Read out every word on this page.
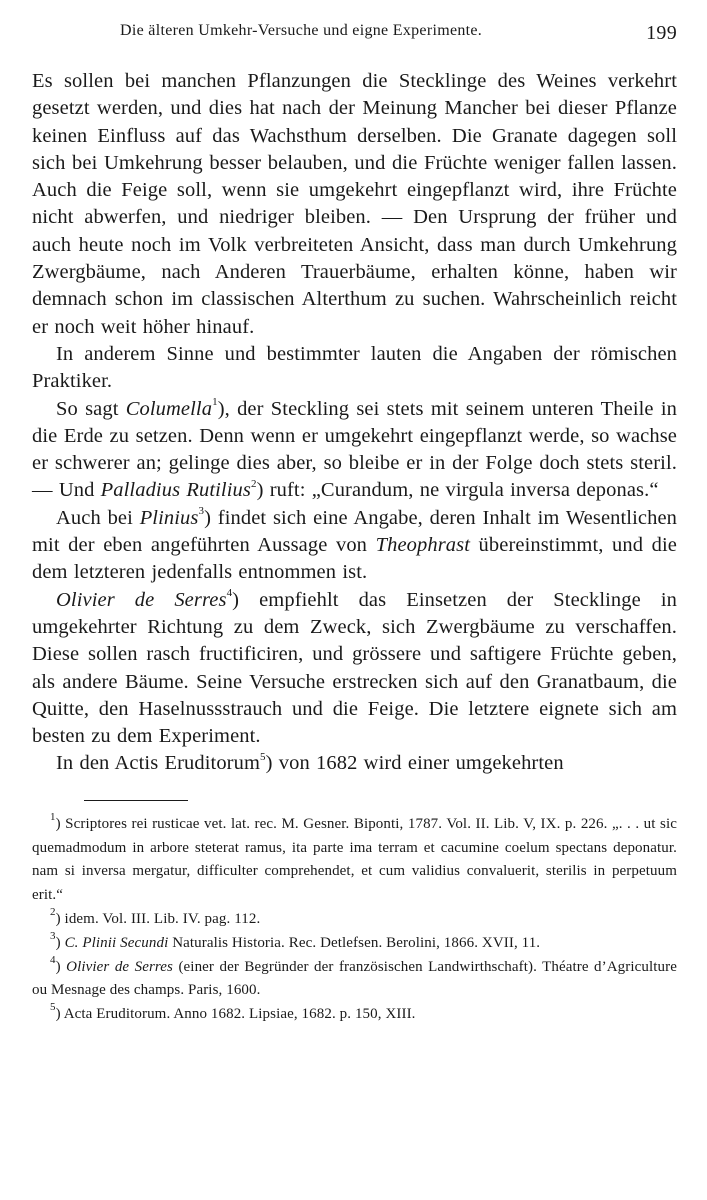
Die älteren Umkehr-Versuche und eigne Experimente.	199

Es sollen bei manchen Pflanzungen die Stecklinge des Weines verkehrt gesetzt werden, und dies hat nach der Meinung Mancher bei dieser Pflanze keinen Einfluss auf das Wachsthum derselben. Die Granate dagegen soll sich bei Umkehrung besser belauben, und die Früchte weniger fallen lassen. Auch die Feige soll, wenn sie umgekehrt eingepflanzt wird, ihre Früchte nicht abwerfen, und niedriger bleiben. — Den Ursprung der früher und auch heute noch im Volk verbreiteten Ansicht, dass man durch Umkehrung Zwergbäume, nach Anderen Trauerbäume, erhalten könne, haben wir demnach schon im classischen Alterthum zu suchen. Wahrscheinlich reicht er noch weit höher hinauf.

In anderem Sinne und bestimmter lauten die Angaben der römischen Praktiker.

So sagt Columella$^1$), der Steckling sei stets mit seinem unteren Theile in die Erde zu setzen. Denn wenn er umgekehrt eingepflanzt werde, so wachse er schwerer an; gelinge dies aber, so bleibe er in der Folge doch stets steril. — Und Palladius Rutilius$^2$) ruft: „Curandum, ne virgula inversa deponas.“

Auch bei Plinius$^3$) findet sich eine Angabe, deren Inhalt im Wesentlichen mit der eben angeführten Aussage von Theophrast übereinstimmt, und die dem letzteren jedenfalls entnommen ist.

Olivier de Serres$^4$) empfiehlt das Einsetzen der Stecklinge in umgekehrter Richtung zu dem Zweck, sich Zwergbäume zu verschaffen. Diese sollen rasch fructificiren, und grössere und saftigere Früchte geben, als andere Bäume. Seine Versuche erstrecken sich auf den Granatbaum, die Quitte, den Haselnussstrauch und die Feige. Die letztere eignete sich am besten zu dem Experiment.

In den Actis Eruditorum$^5$) von 1682 wird einer umgekehrten

$^1$) Scriptores rei rusticae vet. lat. rec. M. Gesner. Biponti, 1787. Vol. II. Lib. V, IX. p. 226. „. . . ut sic quemadmodum in arbore steterat ramus, ita parte ima terram et cacumine coelum spectans deponatur. nam si inversa mergatur, difficulter comprehendet, et cum validius convaluerit, sterilis in perpetuum erit.“

$^2$) idem. Vol. III. Lib. IV. pag. 112.

$^3$) C. Plinii Secundi Naturalis Historia. Rec. Detlefsen. Berolini, 1866. XVII, 11.

$^4$) Olivier de Serres (einer der Begründer der französischen Landwirthschaft). Théatre d’Agriculture ou Mesnage des champs. Paris, 1600.

$^5$) Acta Eruditorum. Anno 1682. Lipsiae, 1682. p. 150, XIII.
